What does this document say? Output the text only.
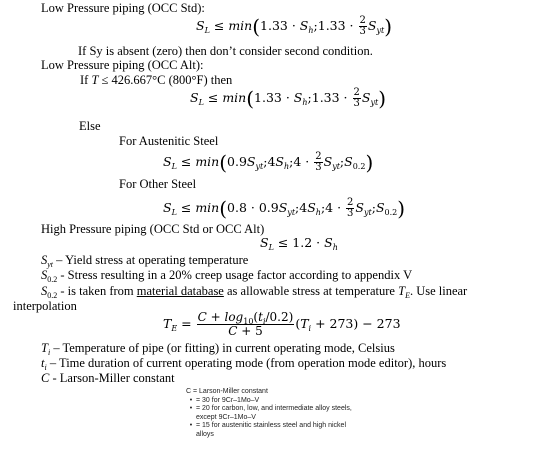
Low Pressure piping (OCC Std):
$S_L \le \min(1.33$ · $S_h;1.33 \cdot \frac{2}{3} S_{yt}$)
If Sy is absent (zero) then don’t consider second condition.
Low Pressure piping (OCC Alt):
If T ≤ 426.667°C (800°F) then
$S_L \le \min(1.33$ · $S_h;1.33 \cdot \frac{2}{3} S_{yt}$)
Else
For Austenitic Steel
$S_L$ ≤ $\min(0.9S_{yt};4S_h;4 \cdot \frac{2}{3}$ $S_{yt};S_{0.2}$)
For Other Steel
$S_L \le \min(0.8$ · $0.9S_{yt};4S_h;4 \cdot \frac{2}{3}$ $S_{yt};S_{0.2}$)
High Pressure piping (OCC Std or OCC Alt)
$S_L \le 1.2 \cdot S_h$
$S_{yt}$ – Yield stress at operating temperature
$S_{0.2}$ - Stress resulting in a 20% creep usage factor according to appendix V
$S_{0.2}$ - is taken from material database as allowable stress at temperature $T_E$. Use linear
interpolation
$T_E = \frac{C + \log_{10}(t_i/0.2)}{C + 5} (T_i + 273) - 273$
$T_i$ – Temperature of pipe (or fitting) in current operating mode, Celsius
$t_i$ – Time duration of current operating mode (from operation mode editor), hours
C - Larson-Miller constant
C = Larson-Miller constant
• = 30 for 9Cr–1Mo–V
• = 20 for carbon, low, and intermediate alloy steels,
except 9Cr–1Mo–V
• = 15 for austenitic stainless steel and high nickel
alloys
